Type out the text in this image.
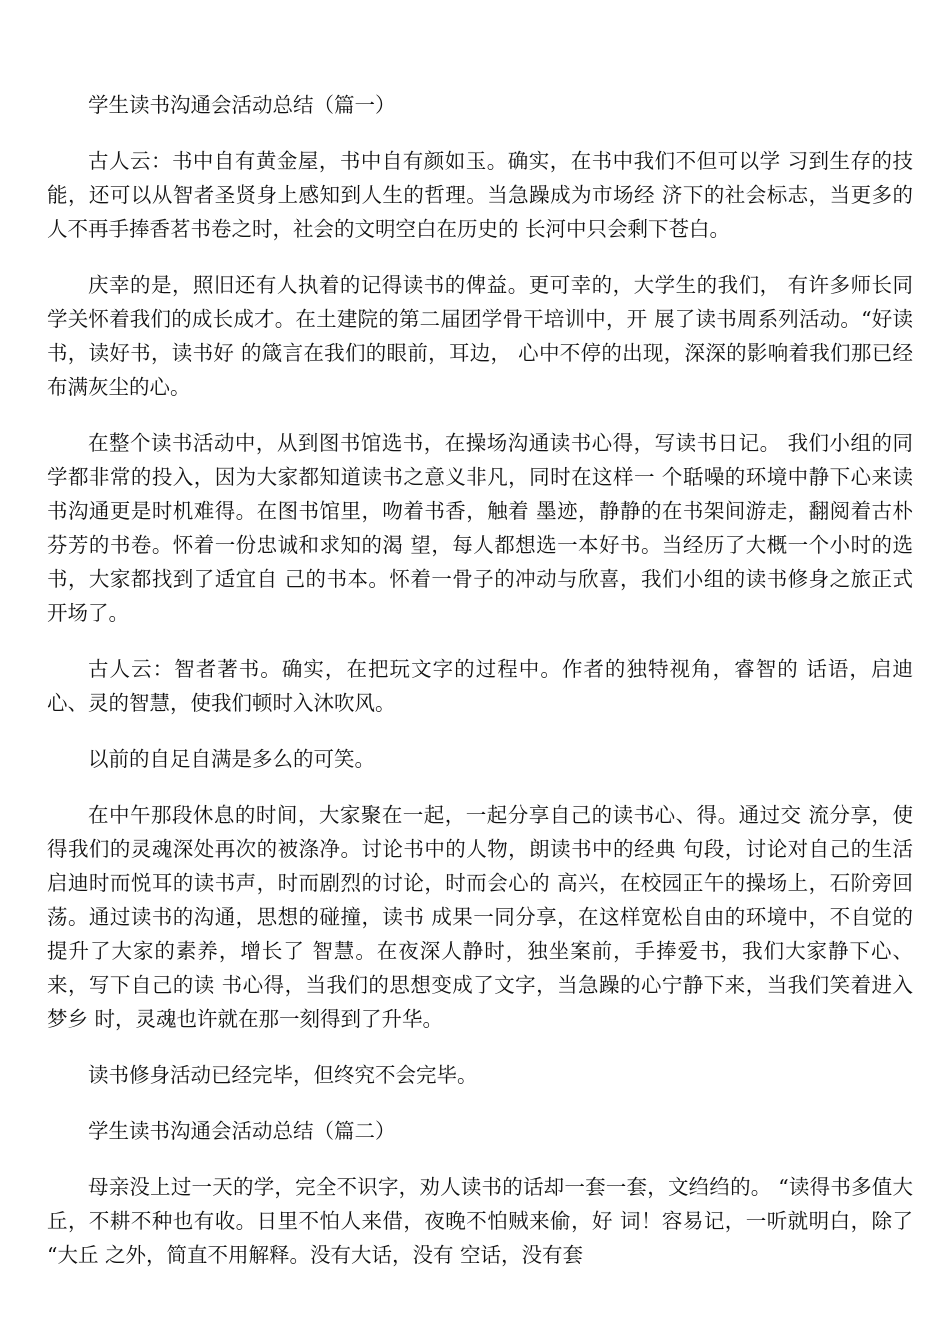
学生读书沟通会活动总结（篇一）

古人云：书中自有黄金屋，书中自有颜如玉。确实，在书中我们不但可以学 习到生存的技能，还可以从智者圣贤身上感知到人生的哲理。当急躁成为市场经 济下的社会标志，当更多的人不再手捧香茗书卷之时，社会的文明空白在历史的 长河中只会剩下苍白。

庆幸的是，照旧还有人执着的记得读书的俾益。更可幸的，大学生的我们， 有许多师长同学关怀着我们的成长成才。在土建院的第二届团学骨干培训中，开 展了读书周系列活动。“好读书，读好书，读书好 的箴言在我们的眼前，耳边， 心中不停的出现，深深的影响着我们那已经布满灰尘的心。

在整个读书活动中，从到图书馆选书，在操场沟通读书心得，写读书日记。 我们小组的同学都非常的投入，因为大家都知道读书之意义非凡，同时在这样一 个聒噪的环境中静下心来读书沟通更是时机难得。在图书馆里，吻着书香，触着 墨迹，静静的在书架间游走，翻阅着古朴芬芳的书卷。怀着一份忠诚和求知的渴 望，每人都想选一本好书。当经历了大概一个小时的选书，大家都找到了适宜自 己的书本。怀着一骨子的冲动与欣喜，我们小组的读书修身之旅正式开场了。

古人云：智者著书。确实，在把玩文字的过程中。作者的独特视角，睿智的 话语，启迪心、灵的智慧，使我们顿时入沐吹风。

以前的自足自满是多么的可笑。

在中午那段休息的时间，大家聚在一起，一起分享自己的读书心、得。通过交 流分享，使得我们的灵魂深处再次的被涤净。讨论书中的人物，朗读书中的经典 句段，讨论对自己的生活启迪时而悦耳的读书声，时而剧烈的讨论，时而会心的 高兴，在校园正午的操场上，石阶旁回荡。通过读书的沟通，思想的碰撞，读书 成果一同分享，在这样宽松自由的环境中，不自觉的提升了大家的素养，增长了 智慧。在夜深人静时，独坐案前，手捧爱书，我们大家静下心、来，写下自己的读 书心得，当我们的思想变成了文字，当急躁的心宁静下来，当我们笑着进入梦乡 时，灵魂也许就在那一刻得到了升华。

读书修身活动已经完毕，但终究不会完毕。

学生读书沟通会活动总结（篇二）

母亲没上过一天的学，完全不识字，劝人读书的话却一套一套，文绉绉的。 “读得书多值大丘，不耕不种也有收。日里不怕人来借，夜晚不怕贼来偷，好 词！容易记，一听就明白，除了 “大丘 之外，简直不用解释。没有大话，没有 空话，没有套
